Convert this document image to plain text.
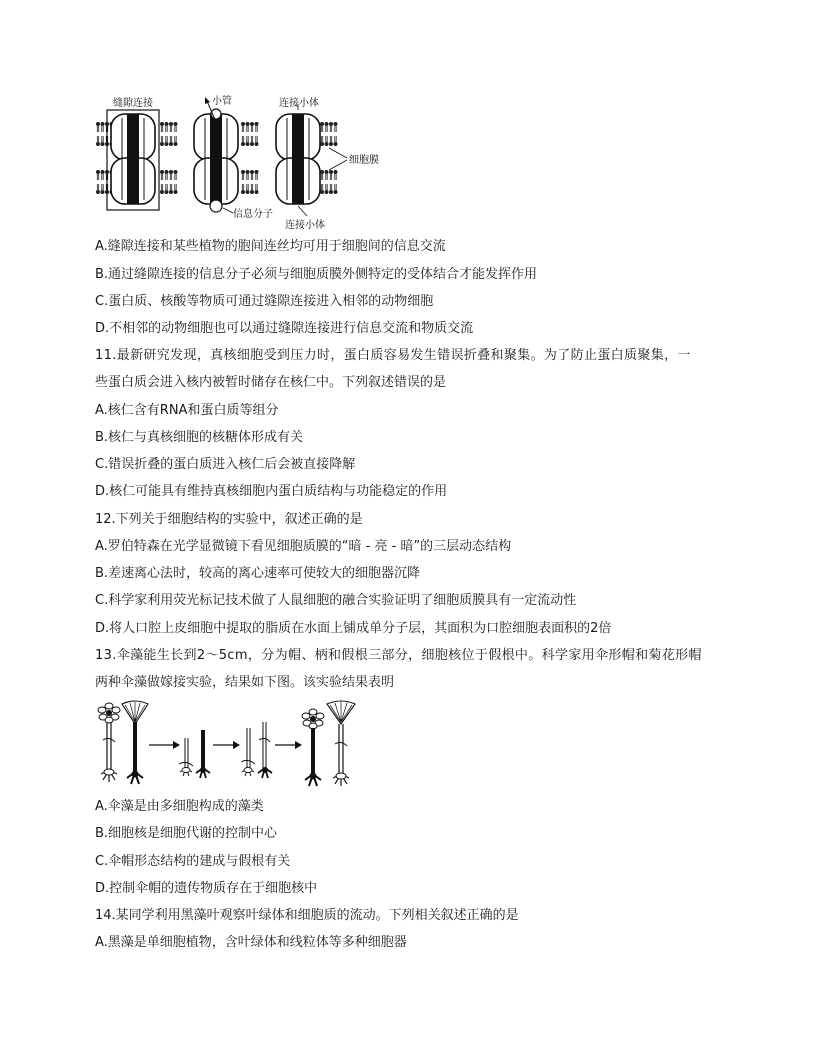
缝隙连接	小管	连接小体
细胞膜
信息分子
连接小体
A.缝隙连接和某些植物的胞间连丝均可用于细胞间的信息交流
B.通过缝隙连接的信息分子必须与细胞质膜外侧特定的受体结合才能发挥作用
C.蛋白质、核酸等物质可通过缝隙连接进入相邻的动物细胞
D.不相邻的动物细胞也可以通过缝隙连接进行信息交流和物质交流
11.最新研究发现，真核细胞受到压力时，蛋白质容易发生错误折叠和聚集。为了防止蛋白质聚集，一
些蛋白质会进入核内被暂时储存在核仁中。下列叙述错误的是
A.核仁含有RNA和蛋白质等组分
B.核仁与真核细胞的核糖体形成有关
C.错误折叠的蛋白质进入核仁后会被直接降解
D.核仁可能具有维持真核细胞内蛋白质结构与功能稳定的作用
12.下列关于细胞结构的实验中，叙述正确的是
A.罗伯特森在光学显微镜下看见细胞质膜的“暗 - 亮 - 暗”的三层动态结构
B.差速离心法时，较高的离心速率可使较大的细胞器沉降
C.科学家利用荧光标记技术做了人鼠细胞的融合实验证明了细胞质膜具有一定流动性
D.将人口腔上皮细胞中提取的脂质在水面上铺成单分子层，其面积为口腔细胞表面积的2倍
13.伞藻能生长到2～5cm，分为帽、柄和假根三部分，细胞核位于假根中。科学家用伞形帽和菊花形帽
两种伞藻做嫁接实验，结果如下图。该实验结果表明
A.伞藻是由多细胞构成的藻类
B.细胞核是细胞代谢的控制中心
C.伞帽形态结构的建成与假根有关
D.控制伞帽的遗传物质存在于细胞核中
14.某同学利用黑藻叶观察叶绿体和细胞质的流动。下列相关叙述正确的是
A.黑藻是单细胞植物，含叶绿体和线粒体等多种细胞器
